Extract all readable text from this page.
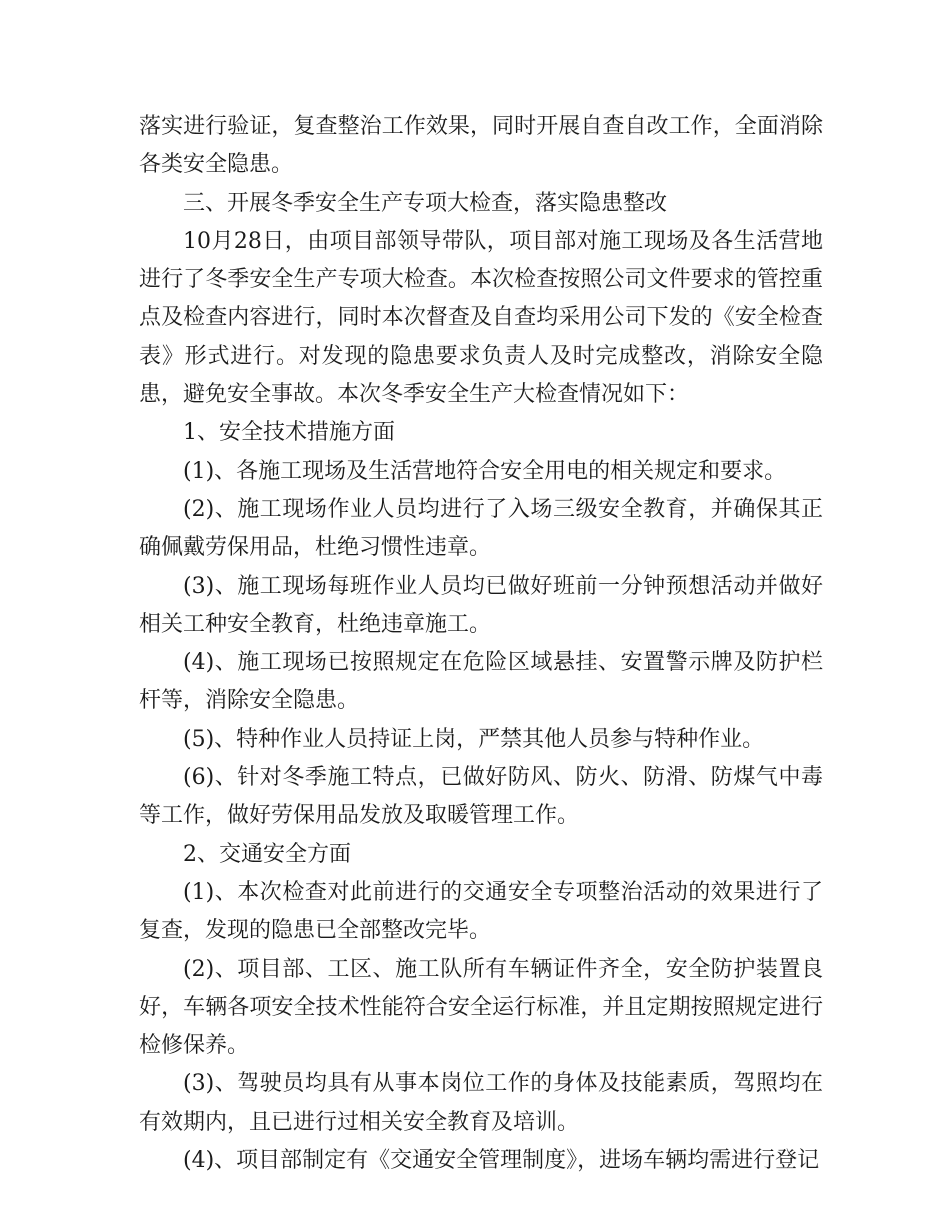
落实进行验证，复查整治工作效果，同时开展自查自改工作，全面消除各类安全隐患。

三、开展冬季安全生产专项大检查，落实隐患整改

10月28日，由项目部领导带队，项目部对施工现场及各生活营地进行了冬季安全生产专项大检查。本次检查按照公司文件要求的管控重点及检查内容进行，同时本次督查及自查均采用公司下发的《安全检查表》形式进行。对发现的隐患要求负责人及时完成整改，消除安全隐患，避免安全事故。本次冬季安全生产大检查情况如下：

1、安全技术措施方面

(1)、各施工现场及生活营地符合安全用电的相关规定和要求。

(2)、施工现场作业人员均进行了入场三级安全教育，并确保其正确佩戴劳保用品，杜绝习惯性违章。

(3)、施工现场每班作业人员均已做好班前一分钟预想活动并做好相关工种安全教育，杜绝违章施工。

(4)、施工现场已按照规定在危险区域悬挂、安置警示牌及防护栏杆等，消除安全隐患。

(5)、特种作业人员持证上岗，严禁其他人员参与特种作业。

(6)、针对冬季施工特点，已做好防风、防火、防滑、防煤气中毒等工作，做好劳保用品发放及取暖管理工作。

2、交通安全方面

(1)、本次检查对此前进行的交通安全专项整治活动的效果进行了复查，发现的隐患已全部整改完毕。

(2)、项目部、工区、施工队所有车辆证件齐全，安全防护装置良好，车辆各项安全技术性能符合安全运行标准，并且定期按照规定进行检修保养。

(3)、驾驶员均具有从事本岗位工作的身体及技能素质，驾照均在有效期内，且已进行过相关安全教育及培训。

(4)、项目部制定有《交通安全管理制度》，进场车辆均需进行登记
